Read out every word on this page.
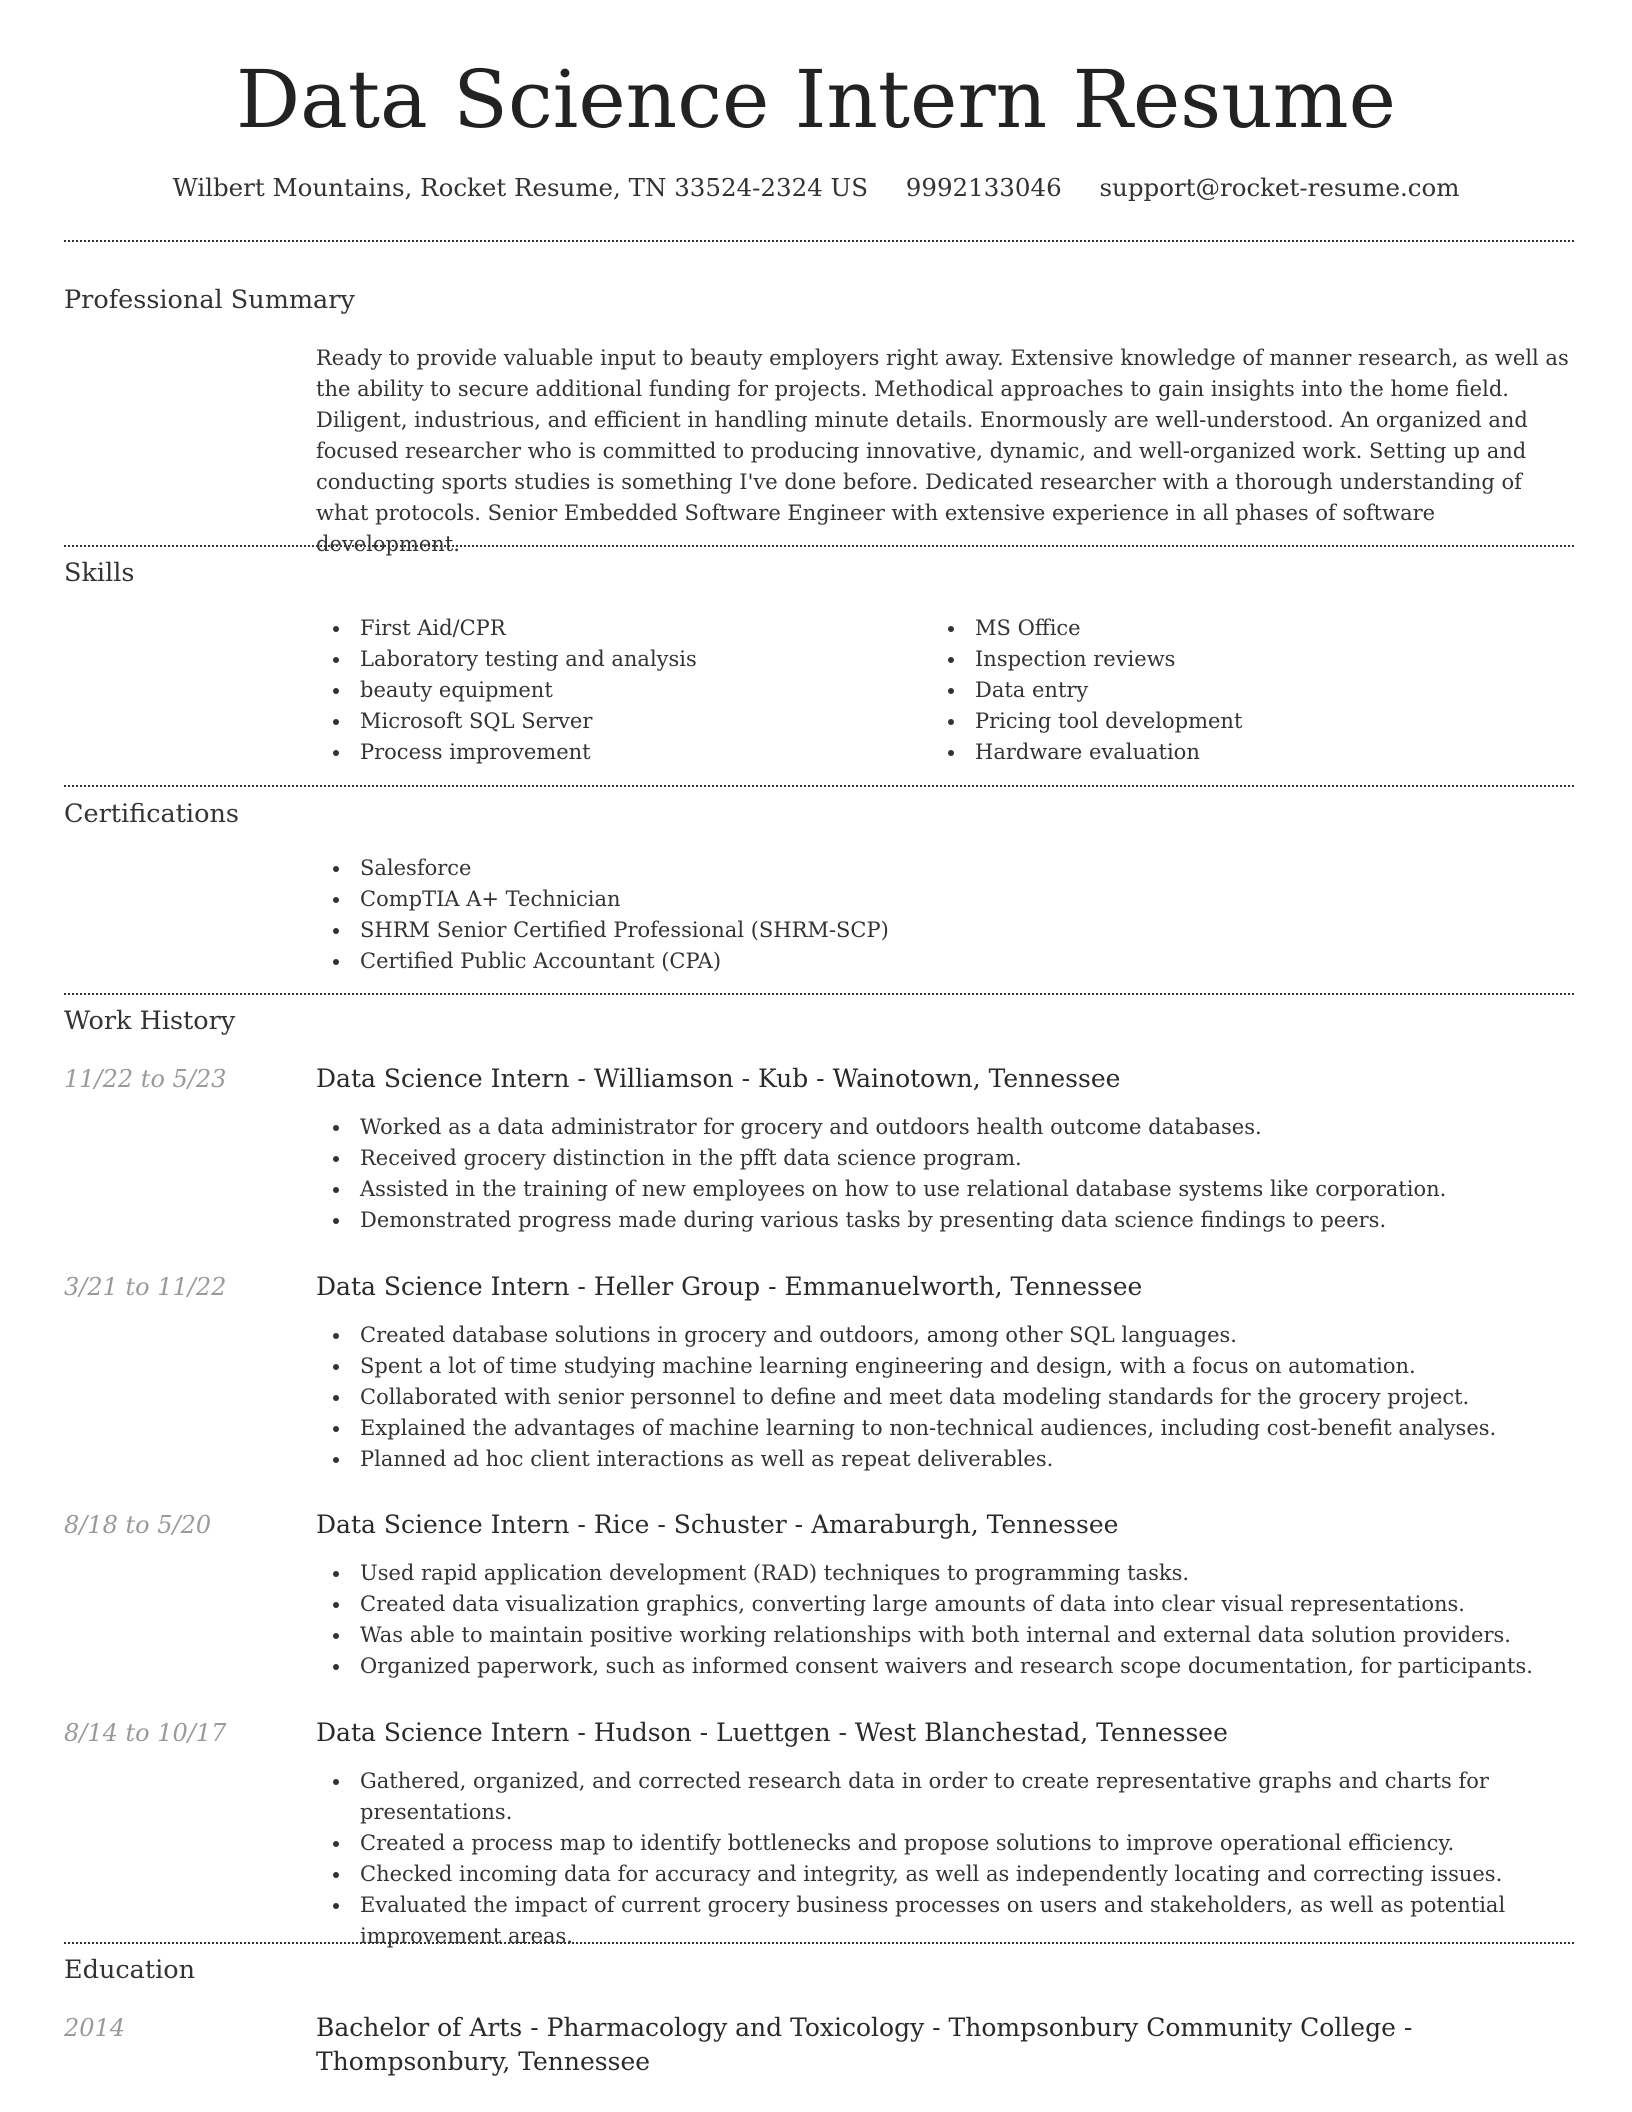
Data Science Intern Resume
Wilbert Mountains, Rocket Resume, TN 33524-2324 US 9992133046 support@rocket-resume.com
Professional Summary

Ready to provide valuable input to beauty employers right away. Extensive knowledge of manner research, as well as the ability to secure additional funding for projects. Methodical approaches to gain insights into the home field. Diligent, industrious, and efficient in handling minute details. Enormously are well-understood. An organized and focused researcher who is committed to producing innovative, dynamic, and well-organized work. Setting up and conducting sports studies is something I've done before. Dedicated researcher with a thorough understanding of what protocols. Senior Embedded Software Engineer with extensive experience in all phases of software development.

Skills
First Aid/CPR
Laboratory testing and analysis
beauty equipment
Microsoft SQL Server
Process improvement
MS Office
Inspection reviews
Data entry
Pricing tool development
Hardware evaluation
Certifications
Salesforce
CompTIA A+ Technician
SHRM Senior Certified Professional (SHRM-SCP)
Certified Public Accountant (CPA)
Work History
11/22 to 5/23	Data Science Intern - Williamson - Kub - Wainotown, Tennessee
Worked as a data administrator for grocery and outdoors health outcome databases.
Received grocery distinction in the pfft data science program.
Assisted in the training of new employees on how to use relational database systems like corporation.
Demonstrated progress made during various tasks by presenting data science findings to peers.
3/21 to 11/22	Data Science Intern - Heller Group - Emmanuelworth, Tennessee
Created database solutions in grocery and outdoors, among other SQL languages.
Spent a lot of time studying machine learning engineering and design, with a focus on automation.
Collaborated with senior personnel to define and meet data modeling standards for the grocery project.
Explained the advantages of machine learning to non-technical audiences, including cost-benefit analyses.
Planned ad hoc client interactions as well as repeat deliverables.
8/18 to 5/20	Data Science Intern - Rice - Schuster - Amaraburgh, Tennessee
Used rapid application development (RAD) techniques to programming tasks.
Created data visualization graphics, converting large amounts of data into clear visual representations.
Was able to maintain positive working relationships with both internal and external data solution providers.
Organized paperwork, such as informed consent waivers and research scope documentation, for participants.
8/14 to 10/17	Data Science Intern - Hudson - Luettgen - West Blanchestad, Tennessee
Gathered, organized, and corrected research data in order to create representative graphs and charts for presentations.
Created a process map to identify bottlenecks and propose solutions to improve operational efficiency.
Checked incoming data for accuracy and integrity, as well as independently locating and correcting issues.
Evaluated the impact of current grocery business processes on users and stakeholders, as well as potential improvement areas.
Education
2014	Bachelor of Arts - Pharmacology and Toxicology - Thompsonbury Community College - Thompsonbury, Tennessee
